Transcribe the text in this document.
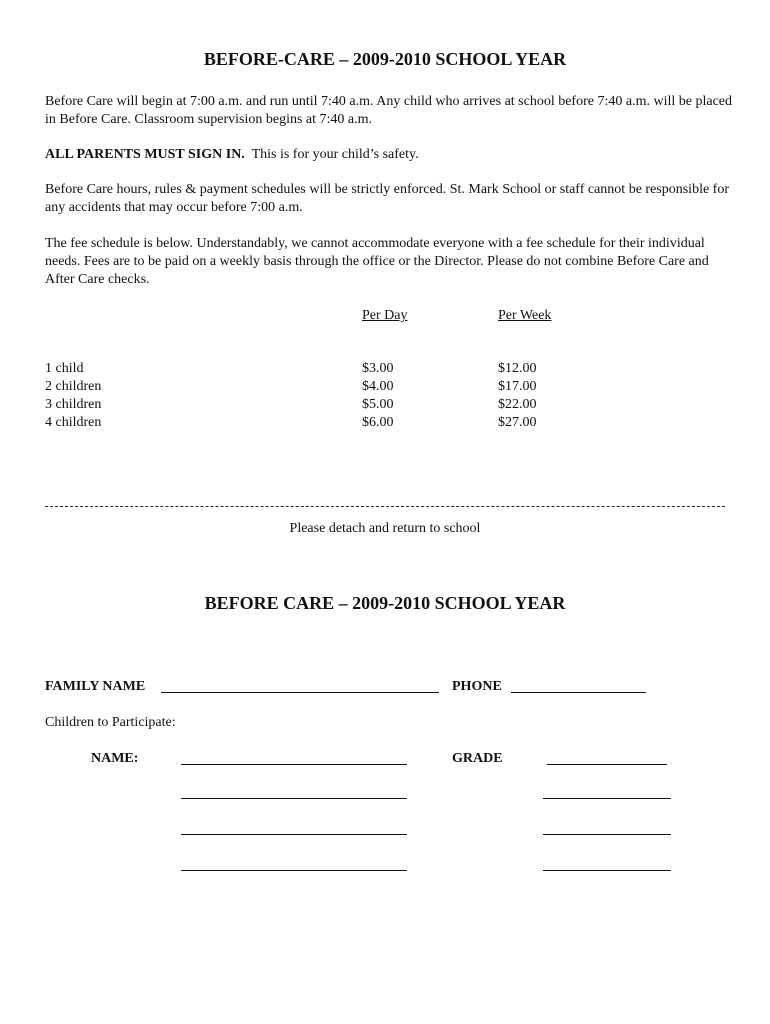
BEFORE-CARE – 2009-2010 SCHOOL YEAR
Before Care will begin at 7:00 a.m. and run until 7:40 a.m. Any child who arrives at school before 7:40 a.m. will be placed in Before Care. Classroom supervision begins at 7:40 a.m.
ALL PARENTS MUST SIGN IN. This is for your child’s safety.
Before Care hours, rules & payment schedules will be strictly enforced. St. Mark School or staff cannot be responsible for any accidents that may occur before 7:00 a.m.
The fee schedule is below. Understandably, we cannot accommodate everyone with a fee schedule for their individual needs. Fees are to be paid on a weekly basis through the office or the Director. Please do not combine Before Care and After Care checks.
Per Day	Per Week
1 child	$3.00	$12.00
2 children	$4.00	$17.00
3 children	$5.00	$22.00
4 children	$6.00	$27.00
Please detach and return to school
BEFORE CARE – 2009-2010 SCHOOL YEAR
FAMILY NAME	PHONE
Children to Participate:
NAME:	GRADE
